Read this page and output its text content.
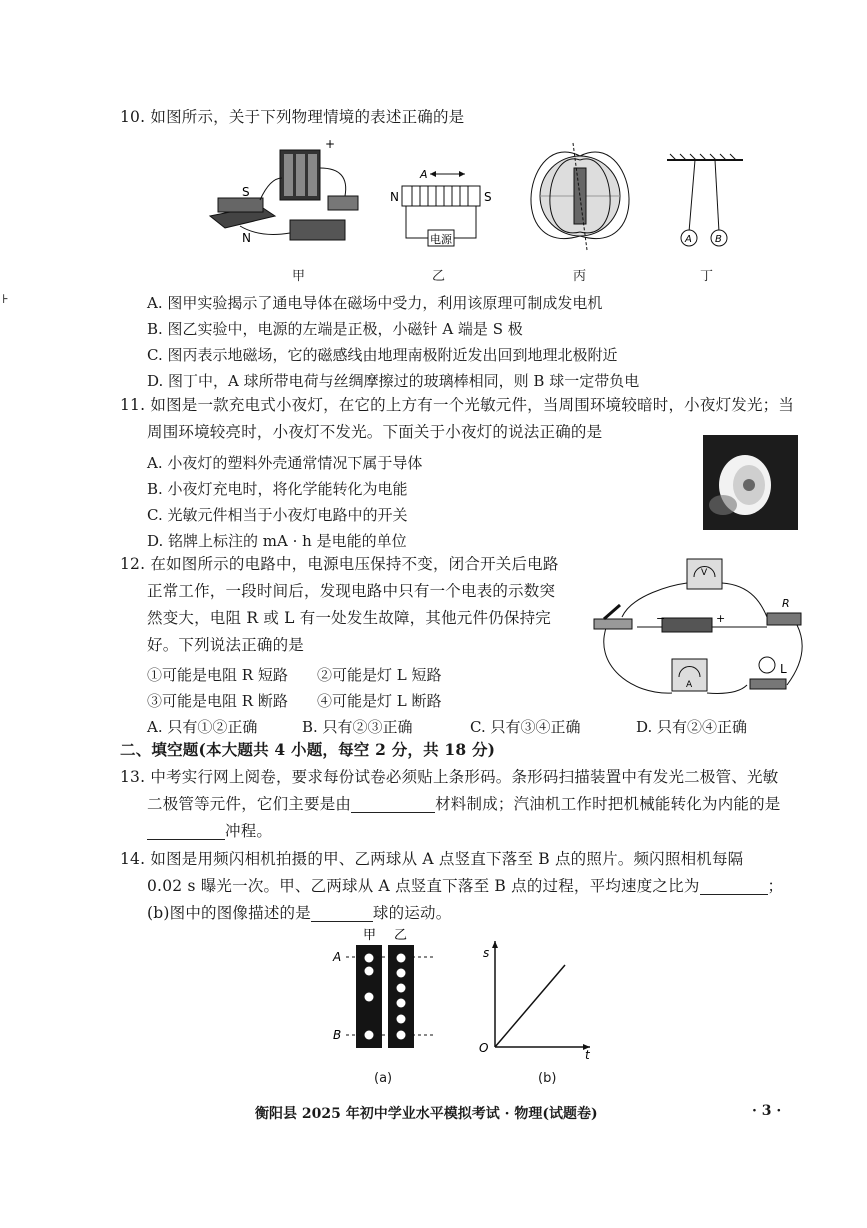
⊦
10. 如图所示，关于下列物理情境的表述正确的是
+
S
N
A
N	S
电源	A B
甲	乙	丙	丁
A. 图甲实验揭示了通电导体在磁场中受力，利用该原理可制成发电机
B. 图乙实验中，电源的左端是正极，小磁针 A 端是 S 极
C. 图丙表示地磁场，它的磁感线由地理南极附近发出回到地理北极附近
D. 图丁中，A 球所带电荷与丝绸摩擦过的玻璃棒相同，则 B 球一定带负电
11. 如图是一款充电式小夜灯，在它的上方有一个光敏元件，当周围环境较暗时，小夜灯发光；当
周围环境较亮时，小夜灯不发光。下面关于小夜灯的说法正确的是
A. 小夜灯的塑料外壳通常情况下属于导体
B. 小夜灯充电时，将化学能转化为电能
C. 光敏元件相当于小夜灯电路中的开关
D. 铭牌上标注的 mA · h 是电能的单位
12. 在如图所示的电路中，电源电压保持不变，闭合开关后电路
正常工作，一段时间后，发现电路中只有一个电表的示数突
然变大，电阻 R 或 L 有一处发生故障，其他元件仍保持完
好。下列说法正确的是
①可能是电阻 R 短路 ②可能是灯 L 短路
③可能是电阻 R 断路 ④可能是灯 L 断路
−	+
V
R
A
L
A. 只有①②正确	B. 只有②③正确	C. 只有③④正确	D. 只有②④正确
二、填空题(本大题共 4 小题，每空 2 分，共 18 分)
13. 中考实行网上阅卷，要求每份试卷必须贴上条形码。条形码扫描装置中有发光二极管、光敏
二极管等元件，它们主要是由	材料制成；汽油机工作时把机械能转化为内能的是
冲程。
14. 如图是用频闪相机拍摄的甲、乙两球从 A 点竖直下落至 B 点的照片。频闪照相机每隔
0.02 s 曝光一次。甲、乙两球从 A 点竖直下落至 B 点的过程，平均速度之比为	；
(b)图中的图像描述的是	球的运动。
甲 乙
A
B
s
O	t
(a)	(b)
衡阳县 2025 年初中学业水平模拟考试 · 物理(试题卷)	· 3 ·
